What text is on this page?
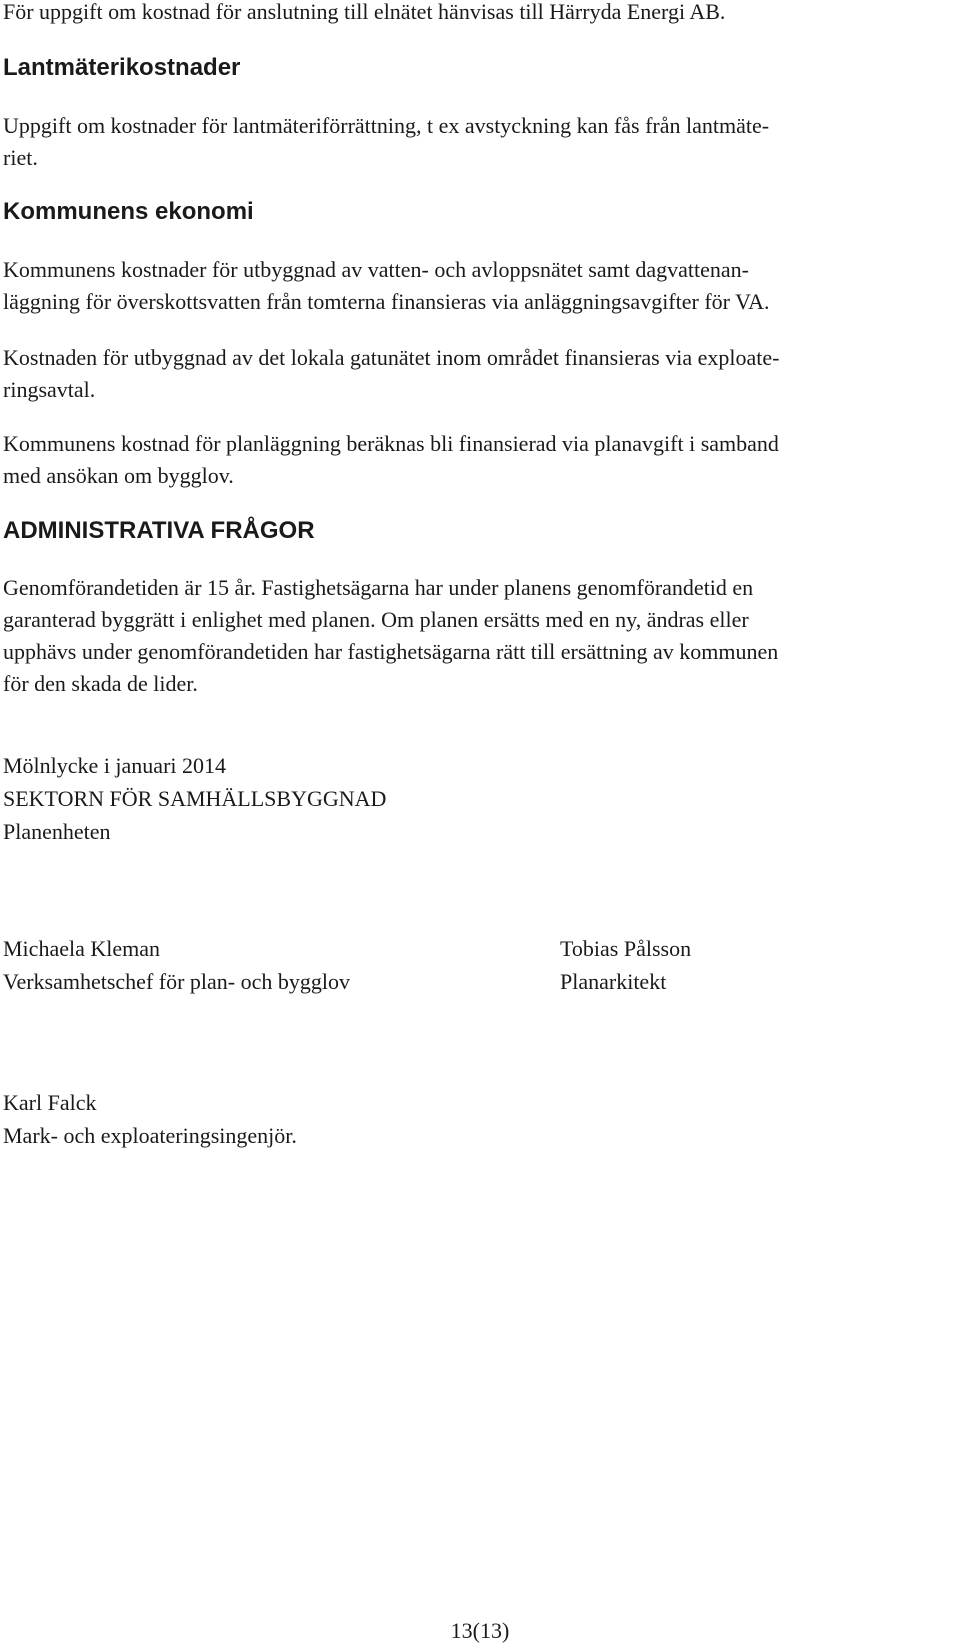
För uppgift om kostnad för anslutning till elnätet hänvisas till Härryda Energi AB.
Lantmäterikostnader
Uppgift om kostnader för lantmäteriförrättning, t ex avstyckning kan fås från lantmäte-
riet.
Kommunens ekonomi
Kommunens kostnader för utbyggnad av vatten- och avloppsnätet samt dagvattenan-
läggning för överskottsvatten från tomterna finansieras via anläggningsavgifter för VA.
Kostnaden för utbyggnad av det lokala gatunätet inom området finansieras via exploate-
ringsavtal.
Kommunens kostnad för planläggning beräknas bli finansierad via planavgift i samband
med ansökan om bygglov.
ADMINISTRATIVA FRÅGOR
Genomförandetiden är 15 år. Fastighetsägarna har under planens genomförandetid en
garanterad byggrätt i enlighet med planen. Om planen ersätts med en ny, ändras eller
upphävs under genomförandetiden har fastighetsägarna rätt till ersättning av kommunen
för den skada de lider.
Mölnlycke i januari 2014
SEKTORN FÖR SAMHÄLLSBYGGNAD
Planenheten
Michaela Kleman
Verksamhetschef för plan- och bygglov
Tobias Pålsson
Planarkitekt
Karl Falck
Mark- och exploateringsingenjör.
13(13)
